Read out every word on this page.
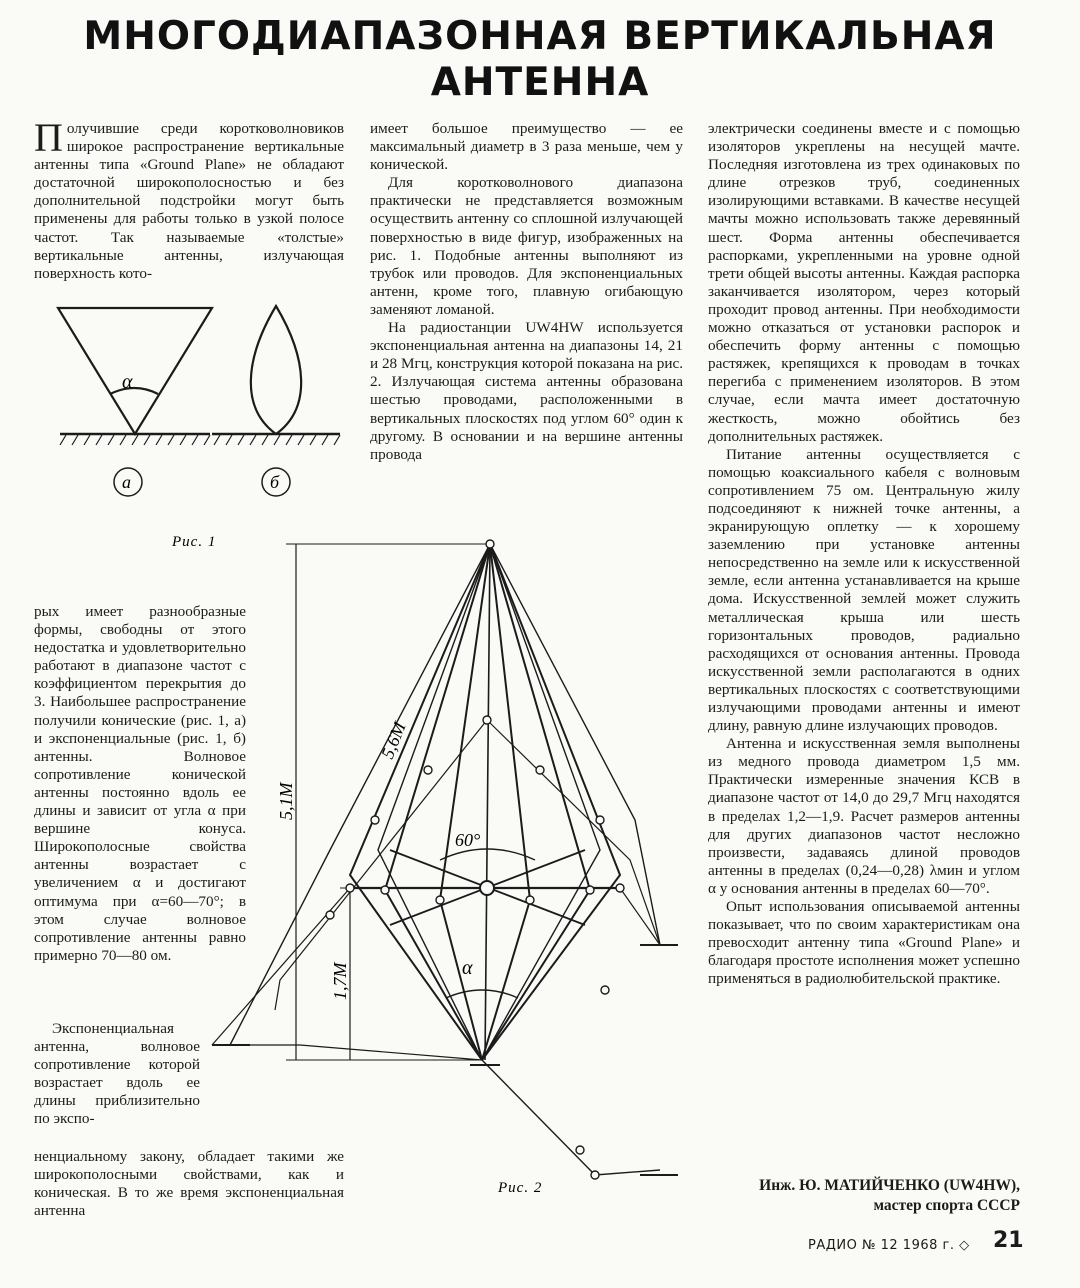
МНОГОДИАПАЗОННАЯ ВЕРТИКАЛЬНАЯ
АНТЕННА

Получившие среди коротковолновиков широкое распространение вертикальные антенны типа «Ground Plane» не обладают достаточной широкополосностью и без дополнительной подстройки могут быть применены для работы только в узкой полосе частот. Так называемые «толстые» вертикальные антенны, излучающая поверхность кото-

α
а	б
Рис. 1

рых имеет разнообразные формы, свободны от этого недостатка и удовлетворительно работают в диапазоне частот с коэффициентом перекрытия до 3. Наибольшее распространение получили конические (рис. 1, а) и экспоненциальные (рис. 1, б) антенны. Волновое сопротивление конической антенны постоянно вдоль ее длины и зависит от угла α при вершине конуса. Широкополосные свойства антенны возрастает с увеличением α и достигают оптимума при α=60—70°; в этом случае волновое сопротивление антенны равно примерно 70—80 ом.

Экспоненциальная антенна, волновое сопротивление которой возрастает вдоль ее длины приблизительно по экспо-

ненциальному закону, обладает такими же широкополосными свойствами, как и коническая. В то же время экспоненциальная антенна

имеет большое преимущество — ее максимальный диаметр в 3 раза меньше, чем у конической.

Для коротковолнового диапазона практически не представляется возможным осуществить антенну со сплошной излучающей поверхностью в виде фигур, изображенных на рис. 1. Подобные антенны выполняют из трубок или проводов. Для экспоненциальных антенн, кроме того, плавную огибающую заменяют ломаной.

На радиостанции UW4HW используется экспоненциальная антенна на диапазоны 14, 21 и 28 Мгц, конструкция которой показана на рис. 2. Излучающая система антенны образована шестью проводами, расположенными в вертикальных плоскостях под углом 60° один к другому. В основании и на вершине антенны провода

электрически соединены вместе и с помощью изоляторов укреплены на несущей мачте. Последняя изготовлена из трех одинаковых по длине отрезков труб, соединенных изолирующими вставками. В качестве несущей мачты можно использовать также деревянный шест. Форма антенны обеспечивается распорками, укрепленными на уровне одной трети общей высоты антенны. Каждая распорка заканчивается изолятором, через который проходит провод антенны. При необходимости можно отказаться от установки распорок и обеспечить форму антенны с помощью растяжек, крепящихся к проводам в точках перегиба с применением изоляторов. В этом случае, если мачта имеет достаточную жесткость, можно обойтись без дополнительных растяжек.

Питание антенны осуществляется с помощью коаксиального кабеля с волновым сопротивлением 75 ом. Центральную жилу подсоединяют к нижней точке антенны, а экранирующую оплетку — к хорошему заземлению при установке антенны непосредственно на земле или к искусственной земле, если антенна устанавливается на крыше дома. Искусственной землей может служить металлическая крыша или шесть горизонтальных проводов, радиально расходящихся от основания антенны. Провода искусственной земли располагаются в одних вертикальных плоскостях с соответствующими излучающими проводами антенны и имеют длину, равную длине излучающих проводов.

Антенна и искусственная земля выполнены из медного провода диаметром 1,5 мм. Практически измеренные значения КСВ в диапазоне частот от 14,0 до 29,7 Мгц находятся в пределах 1,2—1,9. Расчет размеров антенны для других диапазонов частот несложно произвести, задаваясь длиной проводов антенны в пределах (0,24—0,28) λмин и углом α у основания антенны в пределах 60—70°.

Опыт использования описываемой антенны показывает, что по своим характеристикам она превосходит антенну типа «Ground Plane» и благодаря простоте исполнения может успешно применяться в радиолюбительской практике.

Инж. Ю. МАТИЙЧЕНКО (UW4HW),
мастер спорта СССР
5,1М
5,6М
1,7М
60°
α
Рис. 2
РАДИО № 12 1968 г. ◇ 21
